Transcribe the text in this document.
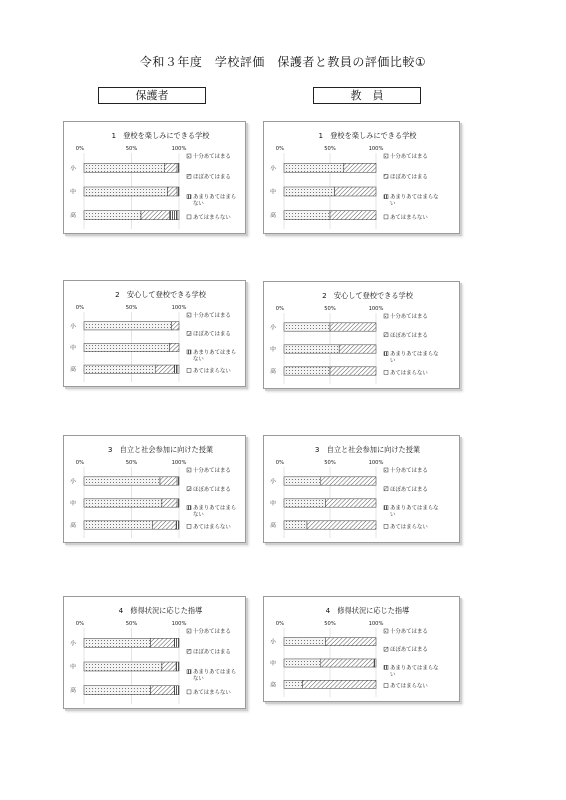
令和３年度　学校評価　保護者と教員の評価比較①
保護者	教　員
1　登校を楽しみにできる学校
0%	50%	100%
小
中
高
十分あてはまる
ほぼあてはまる
あまりあてはまらない
あてはまらない
1　登校を楽しみにできる学校
0%	50%	100%
小
中
高
十分あてはまる
ほぼあてはまる
あまりあてはまらない
あてはまらない
2　安心して登校できる学校
0%	50%	100%
小
中
高
十分あてはまる
ほぼあてはまる
あまりあてはまらない
あてはまらない
2　安心して登校できる学校
0%	50%	100%
小
中
高
十分あてはまる
ほぼあてはまる
あまりあてはまらない
あてはまらない
3　自立と社会参加に向けた授業
0%	50%	100%
小
中
高
十分あてはまる
ほぼあてはまる
あまりあてはまらない
あてはまらない
3　自立と社会参加に向けた授業
0%	50%	100%
小
中
高
十分あてはまる
ほぼあてはまる
あまりあてはまらない
あてはまらない
4　修得状況に応じた指導
0%	50%	100%
小
中
高
十分あてはまる
ほぼあてはまる
あまりあてはまらない
あてはまらない
4　修得状況に応じた指導
0%	50%	100%
小
中
高
十分あてはまる
ほぼあてはまる
あまりあてはまらない
あてはまらない
